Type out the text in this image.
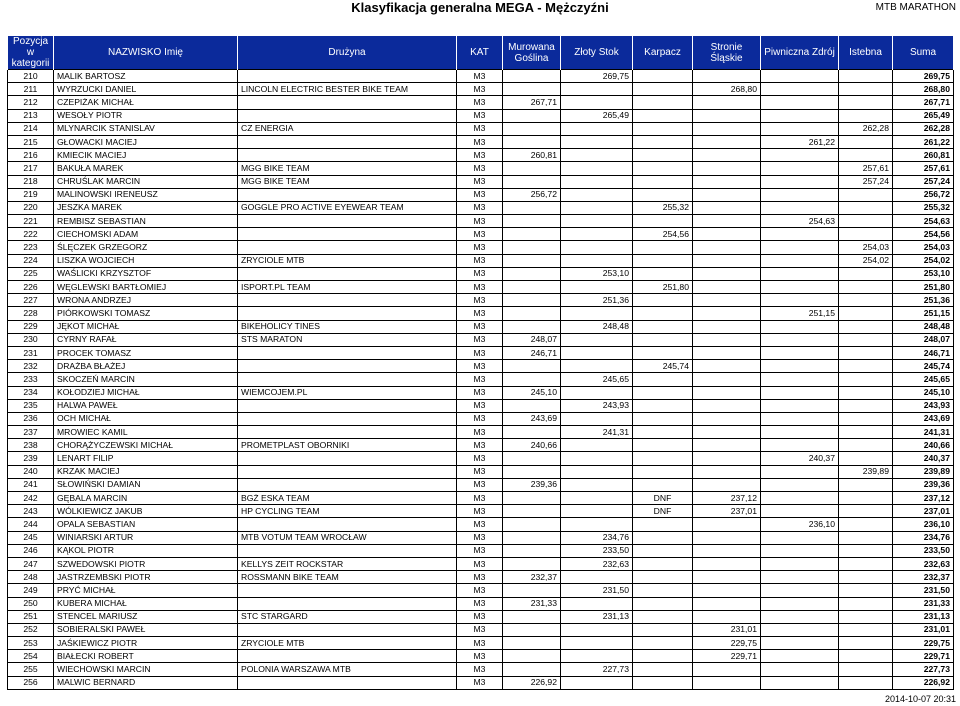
Klasyfikacja generalna MEGA - Mężczyźni	MTB MARATHON
Pozycja w kategorii	NAZWISKO Imię	Drużyna	KAT	Murowana Goślina	Złoty Stok	Karpacz	Stronie Śląskie	Piwniczna Zdrój	Istebna	Suma
210	MALIK BARTOSZ		M3		269,75					269,75
211	WYRZUCKI DANIEL	LINCOLN ELECTRIC BESTER BIKE TEAM	M3				268,80			268,80
212	CZEPIŻAK MICHAŁ		M3	267,71						267,71
213	WESOŁY PIOTR		M3		265,49					265,49
214	MLYNARCIK STANISLAV	CZ ENERGIA	M3						262,28	262,28
215	GŁOWACKI MACIEJ		M3					261,22		261,22
216	KMIECIK MACIEJ		M3	260,81						260,81
217	BAKUŁA MAREK	MGG BIKE TEAM	M3						257,61	257,61
218	CHRUŚLAK MARCIN	MGG BIKE TEAM	M3						257,24	257,24
219	MALINOWSKI IRENEUSZ		M3	256,72						256,72
220	JESZKA MAREK	GOGGLE PRO ACTIVE EYEWEAR TEAM	M3			255,32				255,32
221	REMBISZ SEBASTIAN		M3					254,63		254,63
222	CIECHOMSKI ADAM		M3			254,56				254,56
223	ŚLĘCZEK GRZEGORZ		M3						254,03	254,03
224	LISZKA WOJCIECH	ZRYCIOLE MTB	M3						254,02	254,02
225	WAŚLICKI KRZYSZTOF		M3		253,10					253,10
226	WĘGLEWSKI BARTŁOMIEJ	ISPORT.PL TEAM	M3			251,80				251,80
227	WRONA ANDRZEJ		M3		251,36					251,36
228	PIÓRKOWSKI TOMASZ		M3					251,15		251,15
229	JĘKOT MICHAŁ	BIKEHOLICY TINES	M3		248,48					248,48
230	CYRNY RAFAŁ	STS MARATON	M3	248,07						248,07
231	PROCEK TOMASZ		M3	246,71						246,71
232	DRAŻBA BŁAŻEJ		M3			245,74				245,74
233	SKOCZEŃ MARCIN		M3		245,65					245,65
234	KOŁODZIEJ MICHAŁ	WIEMCOJEM.PL	M3	245,10						245,10
235	HALWA PAWEŁ		M3		243,93					243,93
236	OCH MICHAŁ		M3	243,69						243,69
237	MROWIEC KAMIL		M3		241,31					241,31
238	CHORĄŻYCZEWSKI MICHAŁ	PROMETPLAST OBORNIKI	M3	240,66						240,66
239	LENART FILIP		M3					240,37		240,37
240	KRZAK MACIEJ		M3						239,89	239,89
241	SŁOWIŃSKI DAMIAN		M3	239,36						239,36
242	GĘBALA MARCIN	BGŻ ESKA TEAM	M3			DNF	237,12			237,12
243	WÓLKIEWICZ JAKUB	HP CYCLING TEAM	M3			DNF	237,01			237,01
244	OPALA SEBASTIAN		M3					236,10		236,10
245	WINIARSKI ARTUR	MTB VOTUM TEAM WROCŁAW	M3		234,76					234,76
246	KĄKOL PIOTR		M3		233,50					233,50
247	SZWEDOWSKI PIOTR	KELLYS ZEIT ROCKSTAR	M3		232,63					232,63
248	JASTRZEMBSKI PIOTR	ROSSMANN BIKE TEAM	M3	232,37						232,37
249	PRYĆ MICHAŁ		M3		231,50					231,50
250	KUBERA MICHAŁ		M3	231,33						231,33
251	STENCEL MARIUSZ	STC STARGARD	M3		231,13					231,13
252	SOBIERALSKI PAWEŁ		M3				231,01			231,01
253	JAŚKIEWICZ PIOTR	ZRYCIOLE MTB	M3				229,75			229,75
254	BIAŁECKI ROBERT		M3				229,71			229,71
255	WIECHOWSKI MARCIN	POLONIA WARSZAWA MTB	M3		227,73					227,73
256	MALWIC BERNARD		M3	226,92						226,92
2014-10-07 20:31
